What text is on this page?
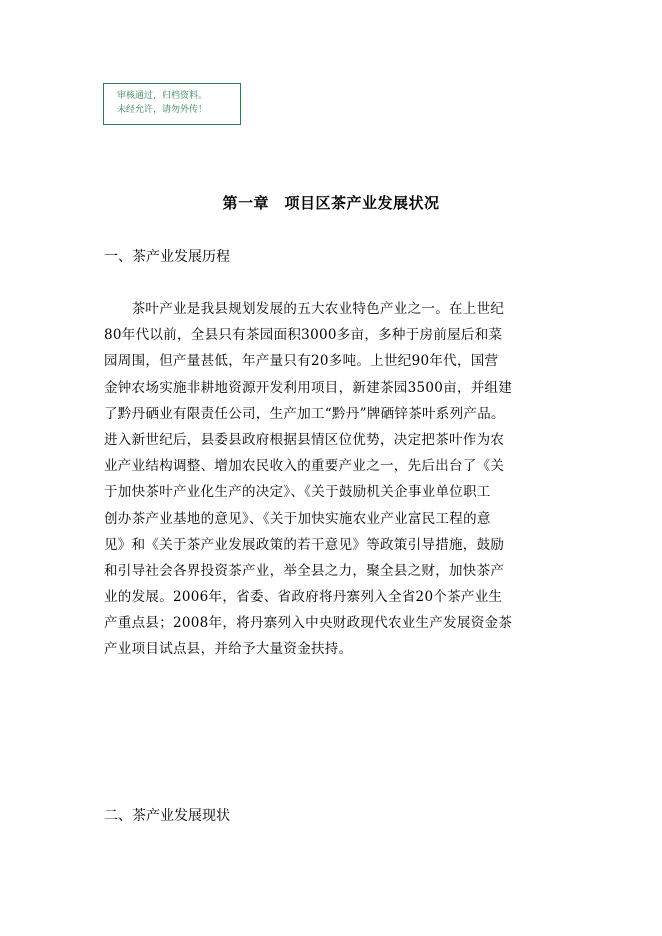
审核通过，归档资料。
未经允许，请勿外传！
第一章　项目区茶产业发展状况
一、茶产业发展历程
　　茶叶产业是我县规划发展的五大农业特色产业之一。在上世纪
80年代以前，全县只有茶园面积3000多亩，多种于房前屋后和菜
园周围，但产量甚低，年产量只有20多吨。上世纪90年代，国营
金钟农场实施非耕地资源开发利用项目，新建茶园3500亩，并组建
了黔丹硒业有限责任公司，生产加工“黔丹”牌硒锌茶叶系列产品。
进入新世纪后，县委县政府根据县情区位优势，决定把茶叶作为农
业产业结构调整、增加农民收入的重要产业之一，先后出台了《关
于加快茶叶产业化生产的决定》、《关于鼓励机关企事业单位职工
创办茶产业基地的意见》、《关于加快实施农业产业富民工程的意
见》和《关于茶产业发展政策的若干意见》等政策引导措施，鼓励
和引导社会各界投资茶产业，举全县之力，聚全县之财，加快茶产
业的发展。2006年，省委、省政府将丹寨列入全省20个茶产业生
产重点县；2008年，将丹寨列入中央财政现代农业生产发展资金茶
产业项目试点县，并给予大量资金扶持。
二、茶产业发展现状
